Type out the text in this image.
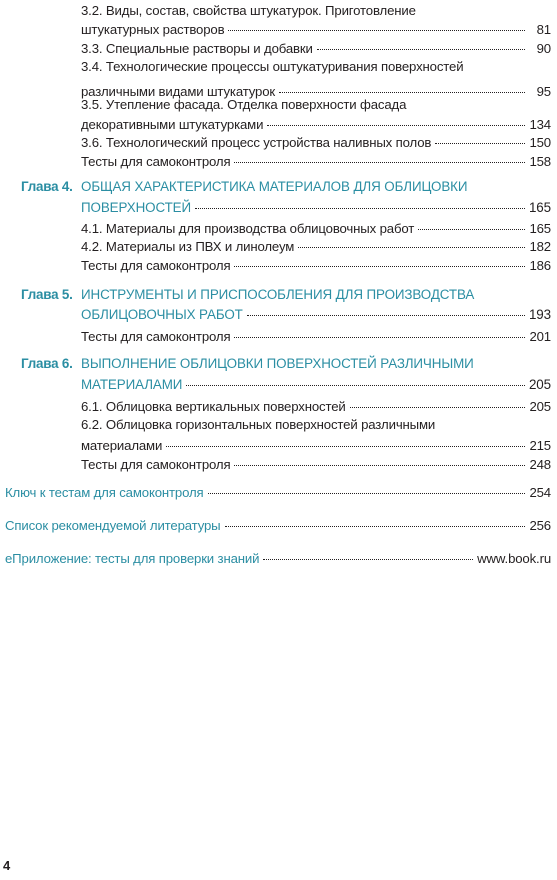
3.2. Виды, состав, свойства штукатурок. Приготовление
штукатурных растворов	81
3.3. Специальные растворы и добавки	90
3.4. Технологические процессы оштукатуривания поверхностей
различными видами штукатурок	95
3.5. Утепление фасада. Отделка поверхности фасада
декоративными штукатурками	134
3.6. Технологический процесс устройства наливных полов	150
Тесты для самоконтроля	158
Глава 4. ОБЩАЯ ХАРАКТЕРИСТИКА МАТЕРИАЛОВ ДЛЯ ОБЛИЦОВКИ
ПОВЕРХНОСТЕЙ	165
4.1. Материалы для производства облицовочных работ	165
4.2. Материалы из ПВХ и линолеум	182
Тесты для самоконтроля	186
Глава 5. ИНСТРУМЕНТЫ И ПРИСПОСОБЛЕНИЯ ДЛЯ ПРОИЗВОДСТВА
ОБЛИЦОВОЧНЫХ РАБОТ	193
Тесты для самоконтроля	201
Глава 6. ВЫПОЛНЕНИЕ ОБЛИЦОВКИ ПОВЕРХНОСТЕЙ РАЗЛИЧНЫМИ
МАТЕРИАЛАМИ	205
6.1. Облицовка вертикальных поверхностей	205
6.2. Облицовка горизонтальных поверхностей различными
материалами	215
Тесты для самоконтроля	248
Ключ к тестам для самоконтроля	254
Список рекомендуемой литературы	256
еПриложение: тесты для проверки знаний	www.book.ru
4
